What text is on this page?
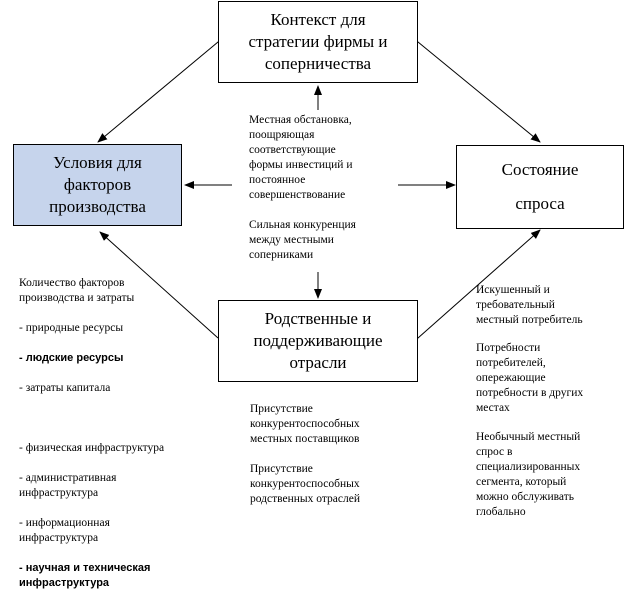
Контекст для
стратегии фирмы и
соперничества
Условия для
факторов
производства
Состояние
спроса
Родственные и
поддерживающие
отрасли
Местная обстановка,
поощряющая
соответствующие
формы инвестиций и
постоянное
совершенствование
Сильная конкуренция
между местными
соперниками

Количество факторов
производства и затраты

- природные ресурсы

- людские ресурсы

- затраты капитала

- физическая инфраструктура

- административная
инфраструктура

- информационная
инфраструктура

- научная и техническая
инфраструктура

Искушенный и
требовательный
местный потребитель
Потребности
потребителей,
опережающие
потребности в других
местах
Необычный местный
спрос в
специализированных
сегмента, который
можно обслуживать
глобально
Присутствие
конкурентоспособных
местных поставщиков
Присутствие
конкурентоспособных
родственных отраслей
